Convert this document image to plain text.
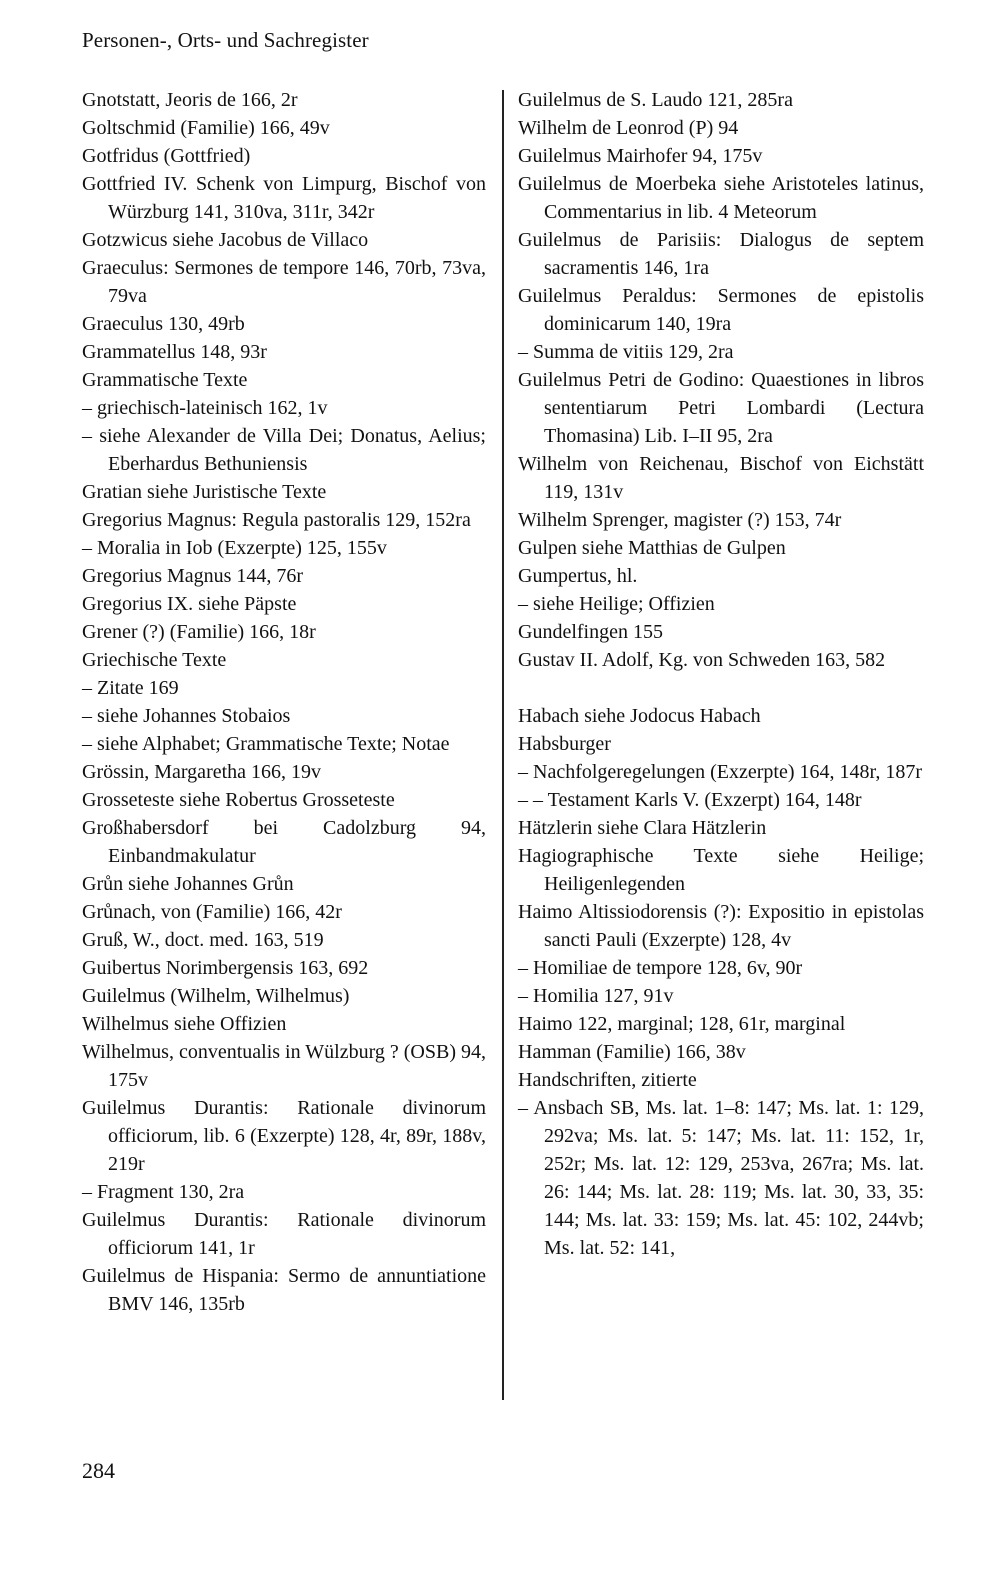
Personen-, Orts- und Sachregister
Gnotstatt, Jeoris de 166, 2r
Goltschmid (Familie) 166, 49v
Gotfridus (Gottfried)
Gottfried IV. Schenk von Limpurg, Bischof von Würzburg 141, 310va, 311r, 342r
Gotzwicus siehe Jacobus de Villaco
Graeculus: Sermones de tempore 146, 70rb, 73va, 79va
Graeculus 130, 49rb
Grammatellus 148, 93r
Grammatische Texte
– griechisch-lateinisch 162, 1v
– siehe Alexander de Villa Dei; Donatus, Aelius; Eberhardus Bethuniensis
Gratian siehe Juristische Texte
Gregorius Magnus: Regula pastoralis 129, 152ra
– Moralia in Iob (Exzerpte) 125, 155v
Gregorius Magnus 144, 76r
Gregorius IX. siehe Päpste
Grener (?) (Familie) 166, 18r
Griechische Texte
– Zitate 169
– siehe Johannes Stobaios
– siehe Alphabet; Grammatische Texte; Notae
Grössin, Margaretha 166, 19v
Grosseteste siehe Robertus Grosseteste
Großhabersdorf bei Cadolzburg 94, Einbandmakulatur
Grůn siehe Johannes Grůn
Grůnach, von (Familie) 166, 42r
Gruß, W., doct. med. 163, 519
Guibertus Norimbergensis 163, 692
Guilelmus (Wilhelm, Wilhelmus)
Wilhelmus siehe Offizien
Wilhelmus, conventualis in Wülzburg ? (OSB) 94, 175v
Guilelmus Durantis: Rationale divinorum officiorum, lib. 6 (Exzerpte) 128, 4r, 89r, 188v, 219r
– Fragment 130, 2ra
Guilelmus Durantis: Rationale divinorum officiorum 141, 1r
Guilelmus de Hispania: Sermo de annuntiatione BMV 146, 135rb
Guilelmus de S. Laudo 121, 285ra
Wilhelm de Leonrod (P) 94
Guilelmus Mairhofer 94, 175v
Guilelmus de Moerbeka siehe Aristoteles latinus, Commentarius in lib. 4 Meteorum
Guilelmus de Parisiis: Dialogus de septem sacramentis 146, 1ra
Guilelmus Peraldus: Sermones de epistolis dominicarum 140, 19ra
– Summa de vitiis 129, 2ra
Guilelmus Petri de Godino: Quaestiones in libros sententiarum Petri Lombardi (Lectura Thomasina) Lib. I–II 95, 2ra
Wilhelm von Reichenau, Bischof von Eichstätt 119, 131v
Wilhelm Sprenger, magister (?) 153, 74r
Gulpen siehe Matthias de Gulpen
Gumpertus, hl.
– siehe Heilige; Offizien
Gundelfingen 155
Gustav II. Adolf, Kg. von Schweden 163, 582
Habach siehe Jodocus Habach
Habsburger
– Nachfolgeregelungen (Exzerpte) 164, 148r, 187r
– – Testament Karls V. (Exzerpt) 164, 148r
Hätzlerin siehe Clara Hätzlerin
Hagiographische Texte siehe Heilige; Heiligenlegenden
Haimo Altissiodorensis (?): Expositio in epistolas sancti Pauli (Exzerpte) 128, 4v
– Homiliae de tempore 128, 6v, 90r
– Homilia 127, 91v
Haimo 122, marginal; 128, 61r, marginal
Hamman (Familie) 166, 38v
Handschriften, zitierte
– Ansbach SB, Ms. lat. 1–8: 147; Ms. lat. 1: 129, 292va; Ms. lat. 5: 147; Ms. lat. 11: 152, 1r, 252r; Ms. lat. 12: 129, 253va, 267ra; Ms. lat. 26: 144; Ms. lat. 28: 119; Ms. lat. 30, 33, 35: 144; Ms. lat. 33: 159; Ms. lat. 45: 102, 244vb; Ms. lat. 52: 141,
284
